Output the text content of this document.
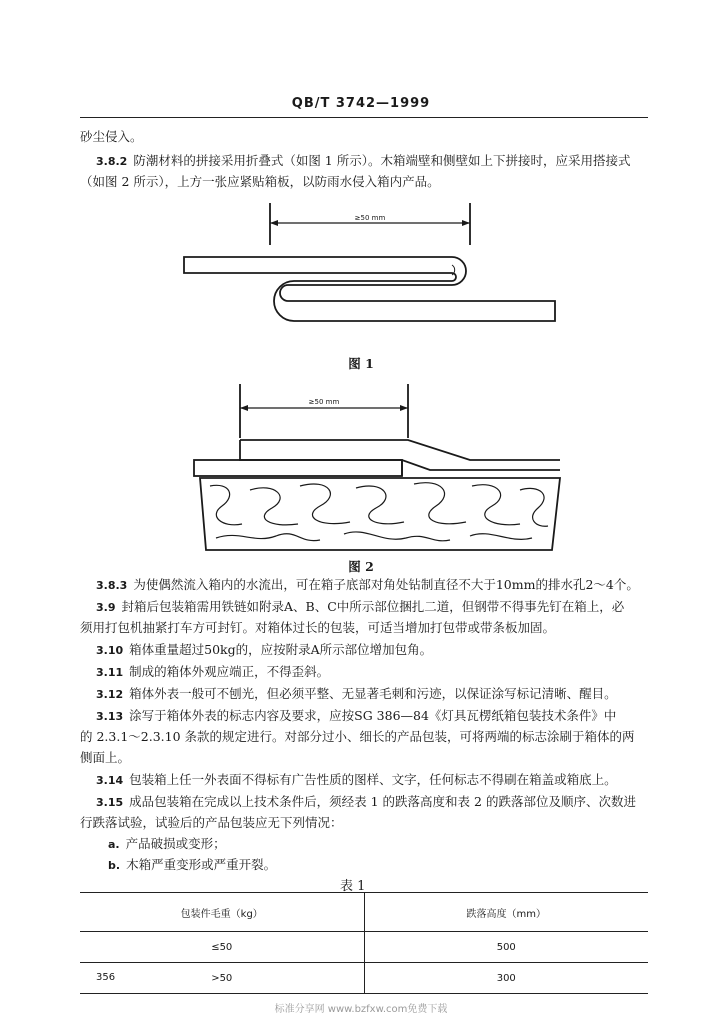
QB/T 3742—1999
砂尘侵入。
3.8.2 防潮材料的拼接采用折叠式（如图 1 所示）。木箱端壁和侧壁如上下拼接时，应采用搭接式
（如图 2 所示），上方一张应紧贴箱板，以防雨水侵入箱内产品。
≥50 mm
图 1
≥50 mm
图 2
3.8.3 为使偶然流入箱内的水流出，可在箱子底部对角处钻制直径不大于10mm的排水孔2～4个。
3.9 封箱后包装箱需用铁链如附录A、B、C中所示部位捆扎二道，但钢带不得事先钉在箱上，必
须用打包机抽紧打车方可封钉。对箱体过长的包装，可适当增加打包带或带条板加固。
3.10 箱体重量超过50kg的，应按附录A所示部位增加包角。
3.11 制成的箱体外观应端正，不得歪斜。
3.12 箱体外表一般可不刨光，但必须平整、无显著毛刺和污迹，以保证涂写标记清晰、醒目。
3.13 涂写于箱体外表的标志内容及要求，应按SG 386—84《灯具瓦楞纸箱包装技术条件》中
的 2.3.1～2.3.10 条款的规定进行。对部分过小、细长的产品包装，可将两端的标志涂刷于箱体的两
侧面上。
3.14 包装箱上任一外表面不得标有广告性质的图样、文字，任何标志不得刷在箱盖或箱底上。
3.15 成品包装箱在完成以上技术条件后，须经表 1 的跌落高度和表 2 的跌落部位及顺序、次数进
行跌落试验，试验后的产品包装应无下列情况：
a. 产品破损或变形；
b. 木箱严重变形或严重开裂。
表 1
包装件毛重（kg）	跌落高度（mm）
≤50	500
>50	300
356
标准分享网 www.bzfxw.com免费下载
